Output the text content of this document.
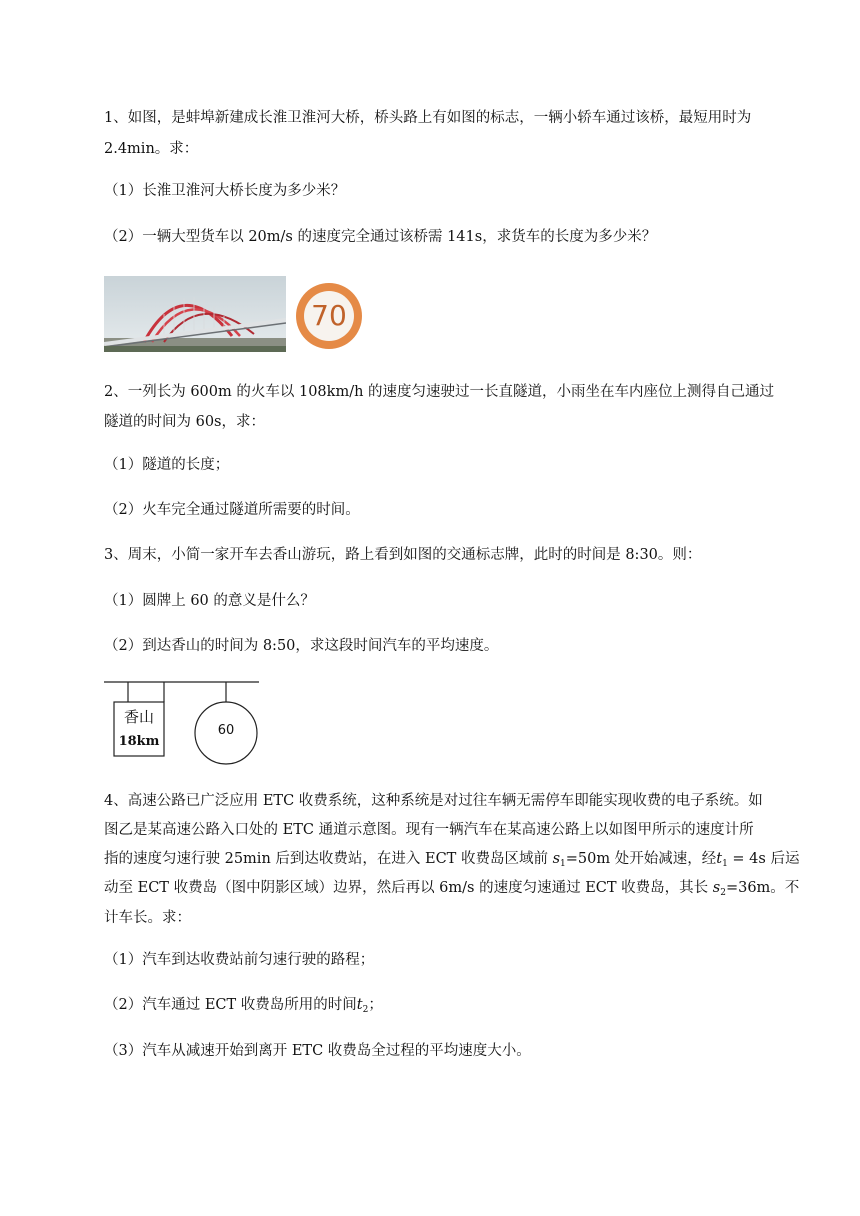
1、如图，是蚌埠新建成长淮卫淮河大桥，桥头路上有如图的标志，一辆小轿车通过该桥，最短用时为
2.4min。求：
（1）长淮卫淮河大桥长度为多少米？
（2）一辆大型货车以 20m/s 的速度完全通过该桥需 141s，求货车的长度为多少米？
70
2、一列长为 600m 的火车以 108km/h 的速度匀速驶过一长直隧道，小雨坐在车内座位上测得自己通过
隧道的时间为 60s，求：
（1）隧道的长度；
（2）火车完全通过隧道所需要的时间。
3、周末，小简一家开车去香山游玩，路上看到如图的交通标志牌，此时的时间是 8:30。则：
（1）圆牌上 60 的意义是什么？
（2）到达香山的时间为 8:50，求这段时间汽车的平均速度。
香山
18km
60
4、高速公路已广泛应用 ETC 收费系统，这种系统是对过往车辆无需停车即能实现收费的电子系统。如
图乙是某高速公路入口处的 ETC 通道示意图。现有一辆汽车在某高速公路上以如图甲所示的速度计所
指的速度匀速行驶 25min 后到达收费站，在进入 ECT 收费岛区域前 $s_1=50m$ 处开始减速，经$t_1 = 4s$ 后运
动至 ECT 收费岛（图中阴影区域）边界，然后再以 6m/s 的速度匀速通过 ECT 收费岛，其长 $s_2=36m$。不
计车长。求：
（1）汽车到达收费站前匀速行驶的路程；
（2）汽车通过 ECT 收费岛所用的时间$t_2$；
（3）汽车从减速开始到离开 ETC 收费岛全过程的平均速度大小。
